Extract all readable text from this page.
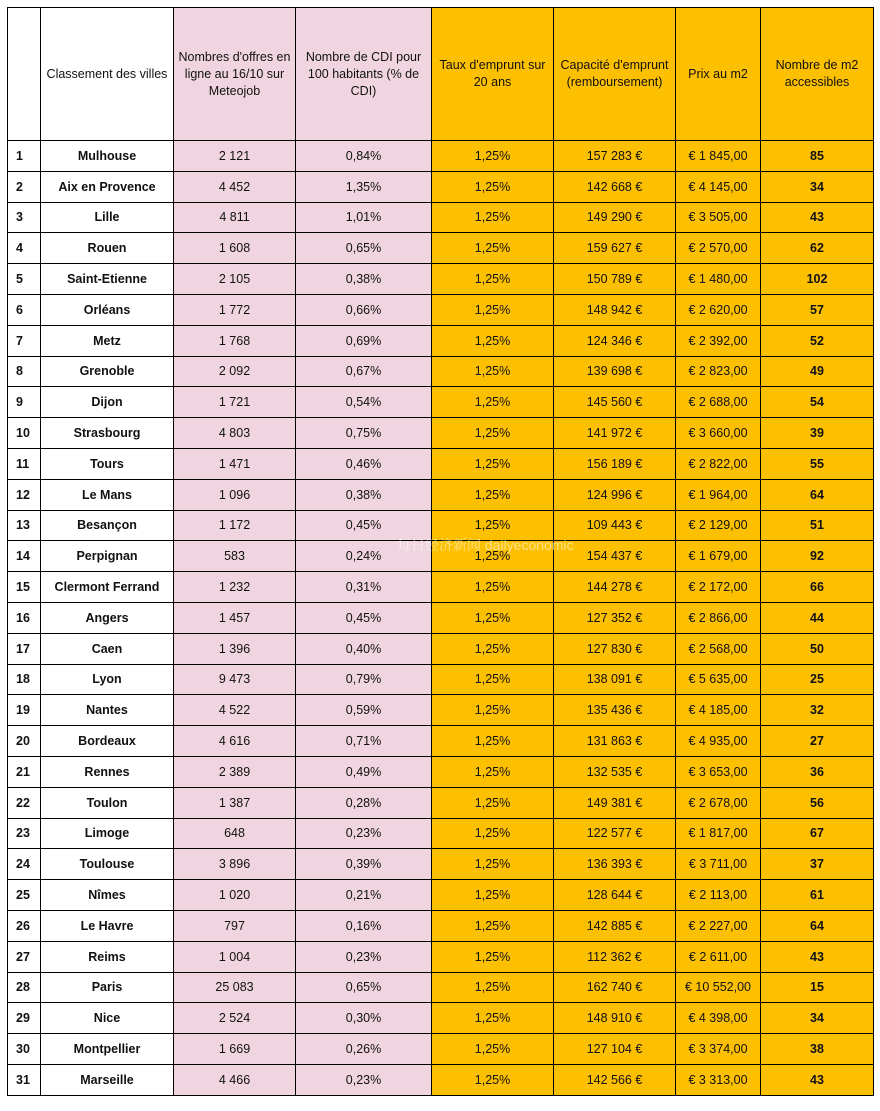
	Classement des villes	Nombres d'offres en ligne au 16/10 sur Meteojob	Nombre de CDI pour 100 habitants (% de CDI)	Taux d'emprunt sur 20 ans	Capacité d'emprunt (remboursement)	Prix au m2	Nombre de m2 accessibles
1	Mulhouse	2 121	0,84%	1,25%	157 283 €	€ 1 845,00	85
2	Aix en Provence	4 452	1,35%	1,25%	142 668 €	€ 4 145,00	34
3	Lille	4 811	1,01%	1,25%	149 290 €	€ 3 505,00	43
4	Rouen	1 608	0,65%	1,25%	159 627 €	€ 2 570,00	62
5	Saint-Etienne	2 105	0,38%	1,25%	150 789 €	€ 1 480,00	102
6	Orléans	1 772	0,66%	1,25%	148 942 €	€ 2 620,00	57
7	Metz	1 768	0,69%	1,25%	124 346 €	€ 2 392,00	52
8	Grenoble	2 092	0,67%	1,25%	139 698 €	€ 2 823,00	49
9	Dijon	1 721	0,54%	1,25%	145 560 €	€ 2 688,00	54
10	Strasbourg	4 803	0,75%	1,25%	141 972 €	€ 3 660,00	39
11	Tours	1 471	0,46%	1,25%	156 189 €	€ 2 822,00	55
12	Le Mans	1 096	0,38%	1,25%	124 996 €	€ 1 964,00	64
13	Besançon	1 172	0,45%	1,25%	109 443 €	€ 2 129,00	51
14	Perpignan	583	0,24%	1,25%	154 437 €	€ 1 679,00	92
15	Clermont Ferrand	1 232	0,31%	1,25%	144 278 €	€ 2 172,00	66
16	Angers	1 457	0,45%	1,25%	127 352 €	€ 2 866,00	44
17	Caen	1 396	0,40%	1,25%	127 830 €	€ 2 568,00	50
18	Lyon	9 473	0,79%	1,25%	138 091 €	€ 5 635,00	25
19	Nantes	4 522	0,59%	1,25%	135 436 €	€ 4 185,00	32
20	Bordeaux	4 616	0,71%	1,25%	131 863 €	€ 4 935,00	27
21	Rennes	2 389	0,49%	1,25%	132 535 €	€ 3 653,00	36
22	Toulon	1 387	0,28%	1,25%	149 381 €	€ 2 678,00	56
23	Limoge	648	0,23%	1,25%	122 577 €	€ 1 817,00	67
24	Toulouse	3 896	0,39%	1,25%	136 393 €	€ 3 711,00	37
25	Nîmes	1 020	0,21%	1,25%	128 644 €	€ 2 113,00	61
26	Le Havre	797	0,16%	1,25%	142 885 €	€ 2 227,00	64
27	Reims	1 004	0,23%	1,25%	112 362 €	€ 2 611,00	43
28	Paris	25 083	0,65%	1,25%	162 740 €	€ 10 552,00	15
29	Nice	2 524	0,30%	1,25%	148 910 €	€ 4 398,00	34
30	Montpellier	1 669	0,26%	1,25%	127 104 €	€ 3 374,00	38
31	Marseille	4 466	0,23%	1,25%	142 566 €	€ 3 313,00	43
每日经济新闻 dailyeconomic
